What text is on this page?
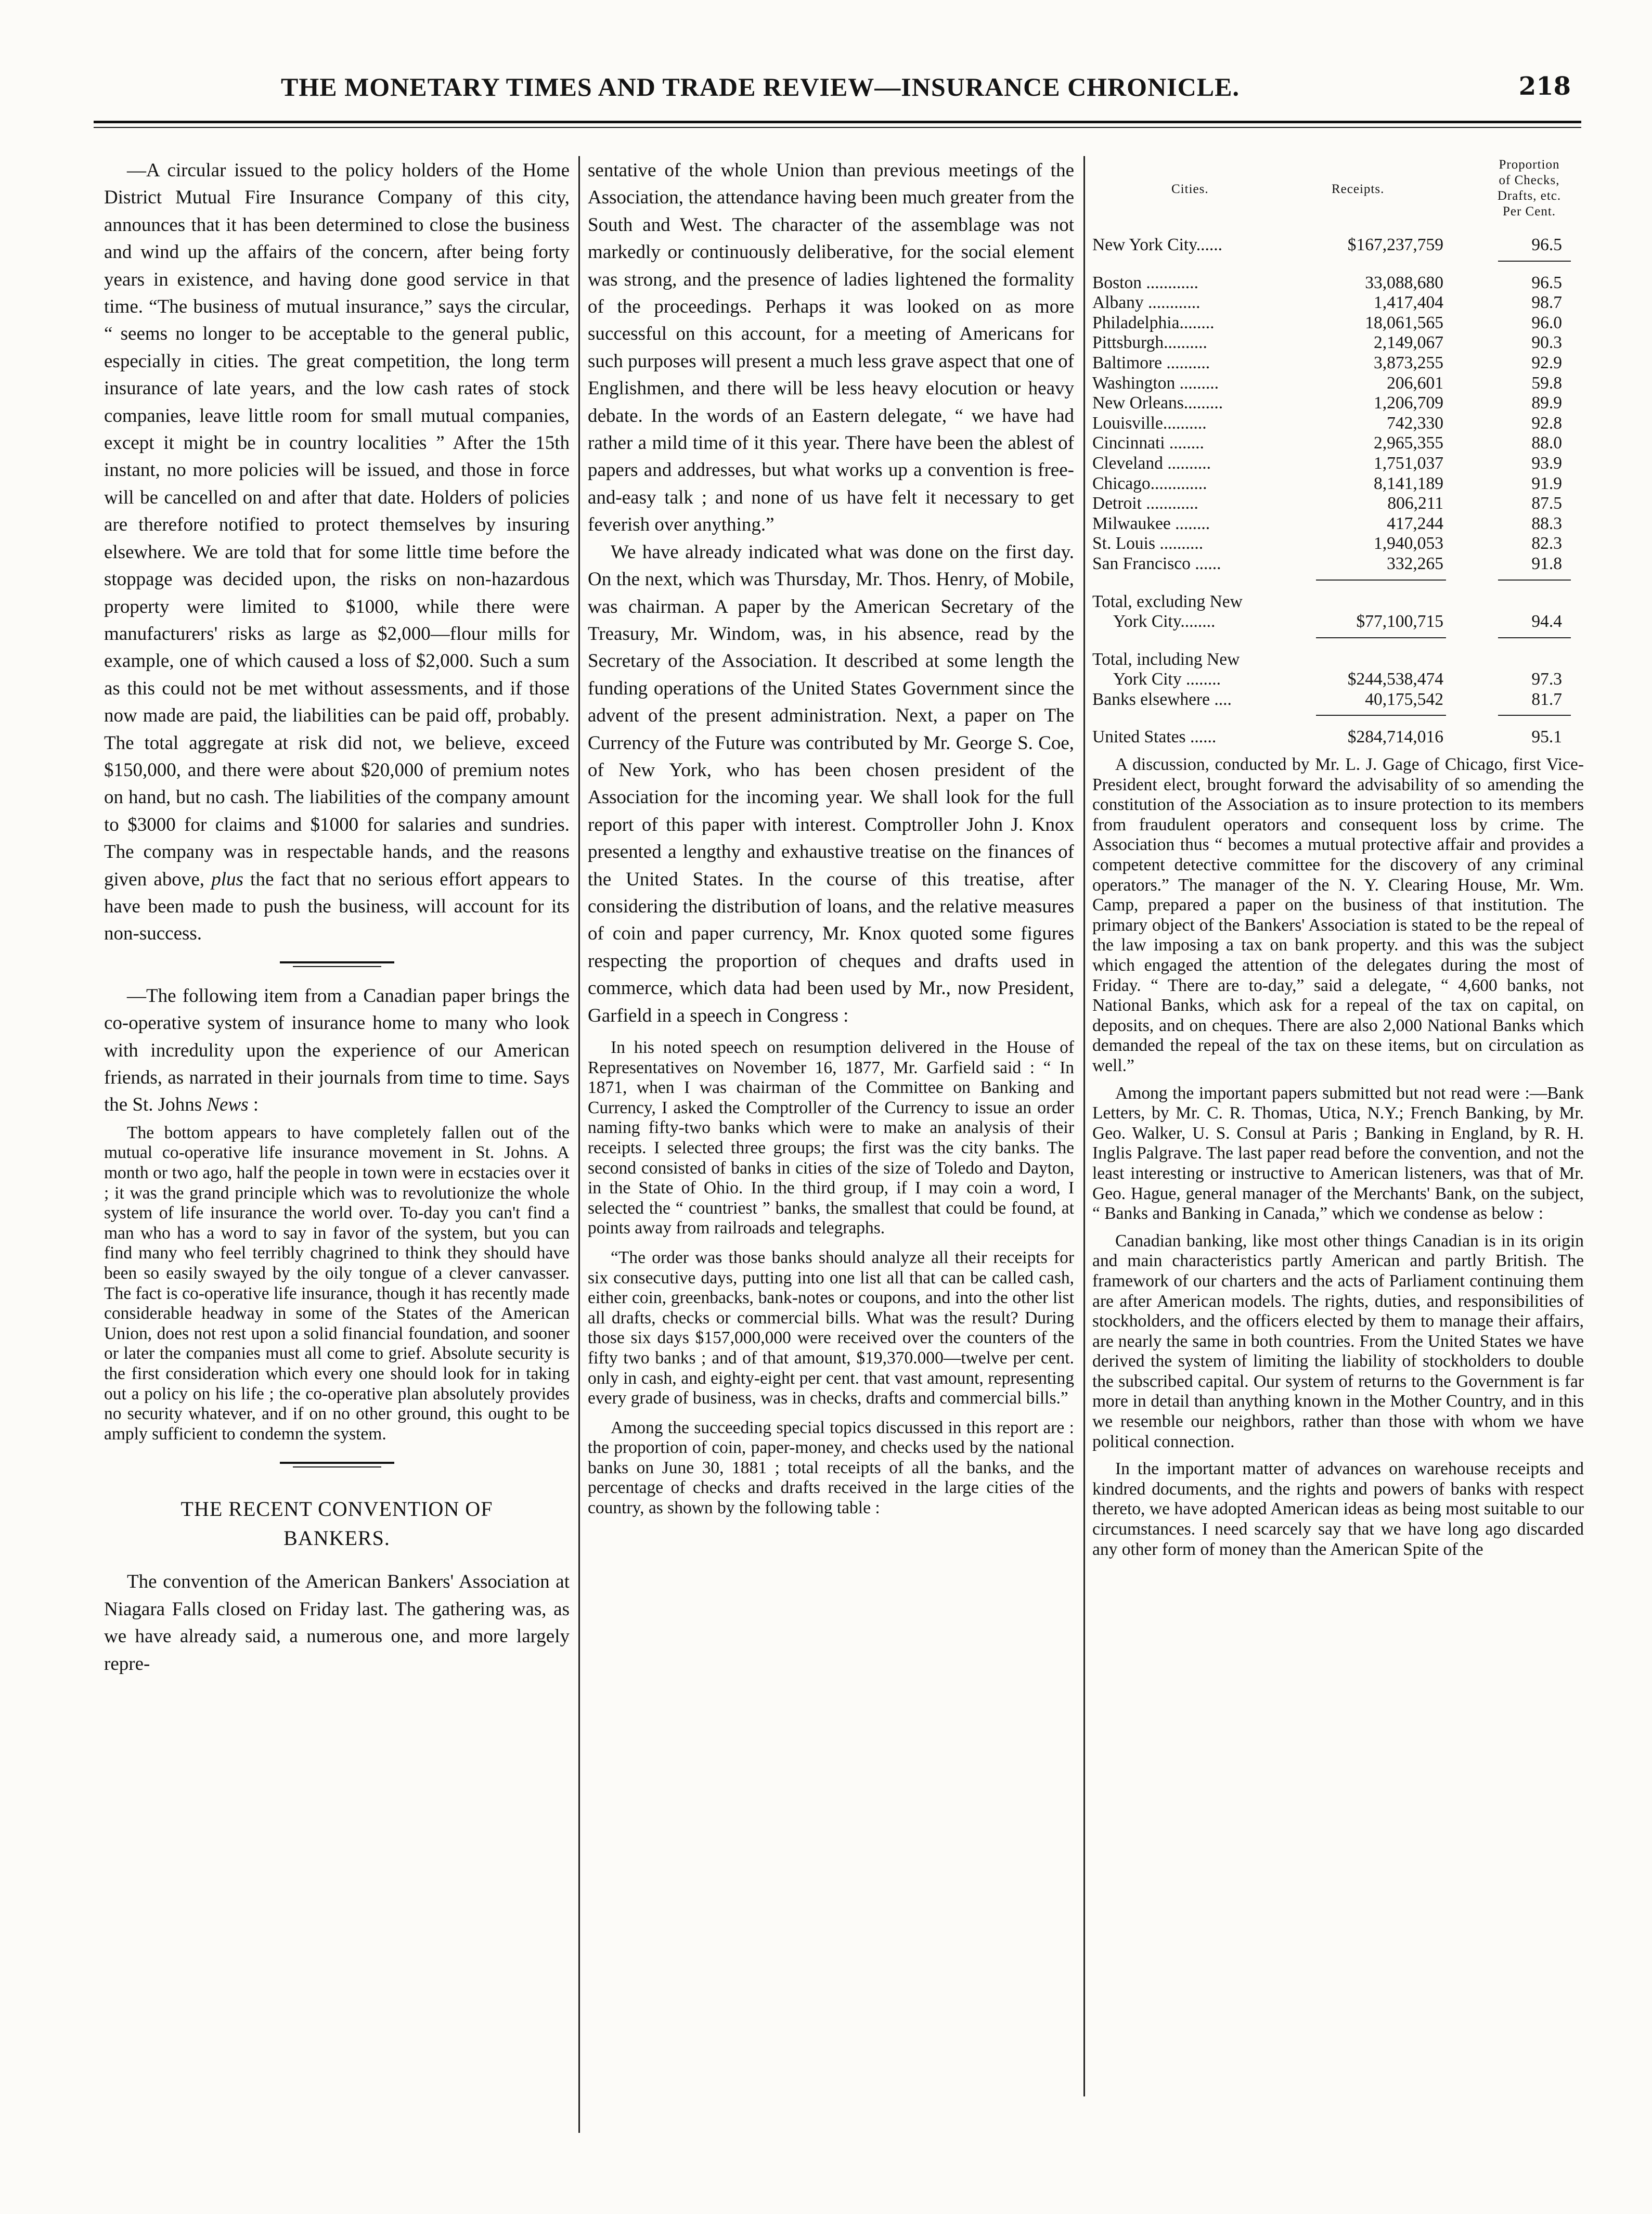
THE MONETARY TIMES AND TRADE REVIEW—INSURANCE CHRONICLE.	218

—A circular issued to the policy holders of the Home District Mutual Fire Insurance Company of this city, announces that it has been determined to close the business and wind up the affairs of the concern, after being forty years in existence, and having done good service in that time. “The business of mutual insurance,” says the circular, “ seems no longer to be acceptable to the general public, especially in cities. The great competition, the long term insurance of late years, and the low cash rates of stock companies, leave little room for small mutual companies, except it might be in country localities ” After the 15th instant, no more policies will be issued, and those in force will be cancelled on and after that date. Holders of policies are therefore notified to protect themselves by insuring elsewhere. We are told that for some little time before the stoppage was decided upon, the risks on non-hazardous property were limited to $1000, while there were manufacturers' risks as large as $2,000—flour mills for example, one of which caused a loss of $2,000. Such a sum as this could not be met without assessments, and if those now made are paid, the liabilities can be paid off, probably. The total aggregate at risk did not, we believe, exceed $150,000, and there were about $20,000 of premium notes on hand, but no cash. The liabilities of the company amount to $3000 for claims and $1000 for salaries and sundries. The company was in respectable hands, and the reasons given above, plus the fact that no serious effort appears to have been made to push the business, will account for its non-success.

—The following item from a Canadian paper brings the co-operative system of insurance home to many who look with incredulity upon the experience of our American friends, as narrated in their journals from time to time. Says the St. Johns News :

The bottom appears to have completely fallen out of the mutual co-operative life insurance movement in St. Johns. A month or two ago, half the people in town were in ecstacies over it ; it was the grand principle which was to revolutionize the whole system of life insurance the world over. To-day you can't find a man who has a word to say in favor of the system, but you can find many who feel terribly chagrined to think they should have been so easily swayed by the oily tongue of a clever canvasser. The fact is co-operative life insurance, though it has recently made considerable headway in some of the States of the American Union, does not rest upon a solid financial foundation, and sooner or later the companies must all come to grief. Absolute security is the first consideration which every one should look for in taking out a policy on his life ; the co-operative plan absolutely provides no security whatever, and if on no other ground, this ought to be amply sufficient to condemn the system.

THE RECENT CONVENTION OF BANKERS.

The convention of the American Bankers' Association at Niagara Falls closed on Friday last. The gathering was, as we have already said, a numerous one, and more largely repre-

sentative of the whole Union than previous meetings of the Association, the attendance having been much greater from the South and West. The character of the assemblage was not markedly or continuously deliberative, for the social element was strong, and the presence of ladies lightened the formality of the proceedings. Perhaps it was looked on as more successful on this account, for a meeting of Americans for such purposes will present a much less grave aspect that one of Englishmen, and there will be less heavy elocution or heavy debate. In the words of an Eastern delegate, “ we have had rather a mild time of it this year. There have been the ablest of papers and addresses, but what works up a convention is free-and-easy talk ; and none of us have felt it necessary to get feverish over anything.”

We have already indicated what was done on the first day. On the next, which was Thursday, Mr. Thos. Henry, of Mobile, was chairman. A paper by the American Secretary of the Treasury, Mr. Windom, was, in his absence, read by the Secretary of the Association. It described at some length the funding operations of the United States Government since the advent of the present administration. Next, a paper on The Currency of the Future was contributed by Mr. George S. Coe, of New York, who has been chosen president of the Association for the incoming year. We shall look for the full report of this paper with interest. Comptroller John J. Knox presented a lengthy and exhaustive treatise on the finances of the United States. In the course of this treatise, after considering the distribution of loans, and the relative measures of coin and paper currency, Mr. Knox quoted some figures respecting the proportion of cheques and drafts used in commerce, which data had been used by Mr., now President, Garfield in a speech in Congress :

In his noted speech on resumption delivered in the House of Representatives on November 16, 1877, Mr. Garfield said : “ In 1871, when I was chairman of the Committee on Banking and Currency, I asked the Comptroller of the Currency to issue an order naming fifty-two banks which were to make an analysis of their receipts. I selected three groups; the first was the city banks. The second consisted of banks in cities of the size of Toledo and Dayton, in the State of Ohio. In the third group, if I may coin a word, I selected the “ countriest ” banks, the smallest that could be found, at points away from railroads and telegraphs.

“The order was those banks should analyze all their receipts for six consecutive days, putting into one list all that can be called cash, either coin, greenbacks, bank-notes or coupons, and into the other list all drafts, checks or commercial bills. What was the result? During those six days $157,000,000 were received over the counters of the fifty two banks ; and of that amount, $19,370.000—twelve per cent. only in cash, and eighty-eight per cent. that vast amount, representing every grade of business, was in checks, drafts and commercial bills.”

Among the succeeding special topics discussed in this report are : the proportion of coin, paper-money, and checks used by the national banks on June 30, 1881 ; total receipts of all the banks, and the percentage of checks and drafts received in the large cities of the country, as shown by the following table :

Cities.	Receipts.
Proportion
of Checks,
Drafts, etc.
Per Cent.
New York City......	$167,237,759	96.5
Boston ............	33,088,680	96.5
Albany ............	1,417,404	98.7
Philadelphia........	18,061,565	96.0
Pittsburgh..........	2,149,067	90.3
Baltimore ..........	3,873,255	92.9
Washington .........	206,601	59.8
New Orleans.........	1,206,709	89.9
Louisville..........	742,330	92.8
Cincinnati ........	2,965,355	88.0
Cleveland ..........	1,751,037	93.9
Chicago.............	8,141,189	91.9
Detroit ............	806,211	87.5
Milwaukee ........	417,244	88.3
St. Louis ..........	1,940,053	82.3
San Francisco ......	332,265	91.8
Total, excluding New
York City........	$77,100,715	94.4
Total, including New
York City ........	$244,538,474	97.3
Banks elsewhere ....	40,175,542	81.7
United States ......	$284,714,016	95.1

A discussion, conducted by Mr. L. J. Gage of Chicago, first Vice-President elect, brought forward the advisability of so amending the constitution of the Association as to insure protection to its members from fraudulent operators and consequent loss by crime. The Association thus “ becomes a mutual protective affair and provides a competent detective committee for the discovery of any criminal operators.” The manager of the N. Y. Clearing House, Mr. Wm. Camp, prepared a paper on the business of that institution. The primary object of the Bankers' Association is stated to be the repeal of the law imposing a tax on bank property. and this was the subject which engaged the attention of the delegates during the most of Friday. “ There are to-day,” said a delegate, “ 4,600 banks, not National Banks, which ask for a repeal of the tax on capital, on deposits, and on cheques. There are also 2,000 National Banks which demanded the repeal of the tax on these items, but on circulation as well.”

Among the important papers submitted but not read were :—Bank Letters, by Mr. C. R. Thomas, Utica, N.Y.; French Banking, by Mr. Geo. Walker, U. S. Consul at Paris ; Banking in England, by R. H. Inglis Palgrave. The last paper read before the convention, and not the least interesting or instructive to American listeners, was that of Mr. Geo. Hague, general manager of the Merchants' Bank, on the subject, “ Banks and Banking in Canada,” which we condense as below :

Canadian banking, like most other things Canadian is in its origin and main characteristics partly American and partly British. The framework of our charters and the acts of Parliament continuing them are after American models. The rights, duties, and responsibilities of stockholders, and the officers elected by them to manage their affairs, are nearly the same in both countries. From the United States we have derived the system of limiting the liability of stockholders to double the subscribed capital. Our system of returns to the Government is far more in detail than anything known in the Mother Country, and in this we resemble our neighbors, rather than those with whom we have political connection.

In the important matter of advances on warehouse receipts and kindred documents, and the rights and powers of banks with respect thereto, we have adopted American ideas as being most suitable to our circumstances. I need scarcely say that we have long ago discarded any other form of money than the American Spite of the
